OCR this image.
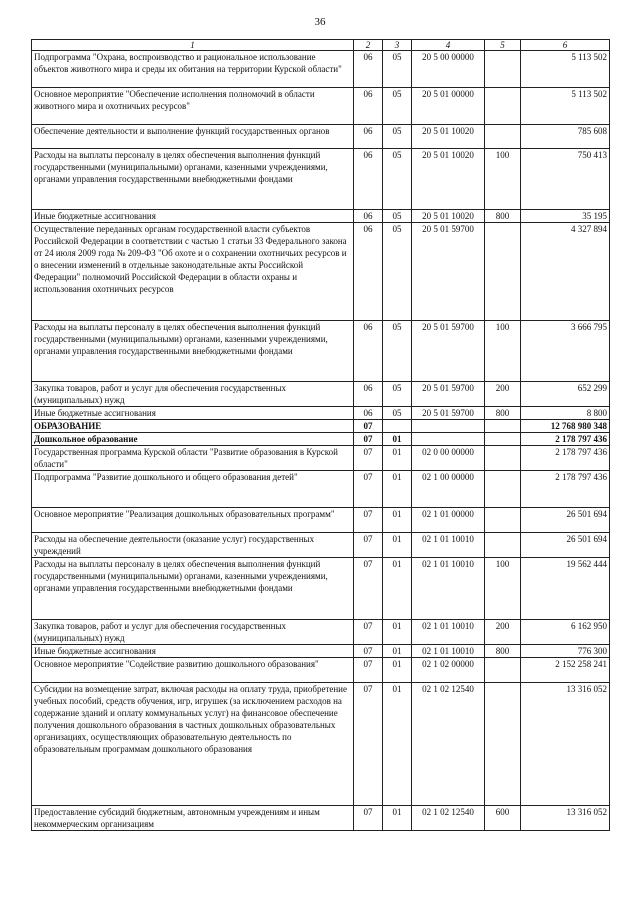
36
1	2	3	4	5	6
Подпрограмма "Охрана, воспроизводство и рациональное использование объектов животного мира и среды их обитания на территории Курской области"	06	05	20 5 00 00000		5 113 502
Основное мероприятие "Обеспечение исполнения полномочий в области животного мира и охотничьих ресурсов"	06	05	20 5 01 00000		5 113 502
Обеспечение деятельности и выполнение функций государственных органов	06	05	20 5 01 10020		785 608
Расходы на выплаты персоналу в целях обеспечения выполнения функций государственными (муниципальными) органами, казенными учреждениями, органами управления государственными внебюджетными фондами	06	05	20 5 01 10020	100	750 413
Иные бюджетные ассигнования	06	05	20 5 01 10020	800	35 195
Осуществление переданных органам государственной власти субъектов Российской Федерации в соответствии с частью 1 статьи 33 Федерального закона от 24 июля 2009 года № 209-ФЗ "Об охоте и о сохранении охотничьих ресурсов и о внесении изменений в отдельные законодательные акты Российской Федерации" полномочий Российской Федерации в области охраны и использования охотничьих ресурсов	06	05	20 5 01 59700		4 327 894
Расходы на выплаты персоналу в целях обеспечения выполнения функций государственными (муниципальными) органами, казенными учреждениями, органами управления государственными внебюджетными фондами	06	05	20 5 01 59700	100	3 666 795
Закупка товаров, работ и услуг для обеспечения государственных (муниципальных) нужд	06	05	20 5 01 59700	200	652 299
Иные бюджетные ассигнования	06	05	20 5 01 59700	800	8 800
ОБРАЗОВАНИЕ	07				12 768 980 348
Дошкольное образование	07	01			2 178 797 436
Государственная программа Курской области "Развитие образования в Курской области"	07	01	02 0 00 00000		2 178 797 436
Подпрограмма "Развитие дошкольного и общего образования детей"	07	01	02 1 00 00000		2 178 797 436
Основное мероприятие "Реализация дошкольных образовательных программ"	07	01	02 1 01 00000		26 501 694
Расходы на обеспечение деятельности (оказание услуг) государственных учреждений	07	01	02 1 01 10010		26 501 694
Расходы на выплаты персоналу в целях обеспечения выполнения функций государственными (муниципальными) органами, казенными учреждениями, органами управления государственными внебюджетными фондами	07	01	02 1 01 10010	100	19 562 444
Закупка товаров, работ и услуг для обеспечения государственных (муниципальных) нужд	07	01	02 1 01 10010	200	6 162 950
Иные бюджетные ассигнования	07	01	02 1 01 10010	800	776 300
Основное мероприятие "Содействие развитию дошкольного образования"	07	01	02 1 02 00000		2 152 258 241
Субсидии на возмещение затрат, включая расходы на оплату труда, приобретение учебных пособий, средств обучения, игр, игрушек (за исключением расходов на содержание зданий и оплату коммунальных услуг) на финансовое обеспечение получения дошкольного образования в частных дошкольных образовательных организациях, осуществляющих образовательную деятельность по образовательным программам дошкольного образования	07	01	02 1 02 12540		13 316 052
Предоставление субсидий бюджетным, автономным учреждениям и иным некоммерческим организациям	07	01	02 1 02 12540	600	13 316 052
